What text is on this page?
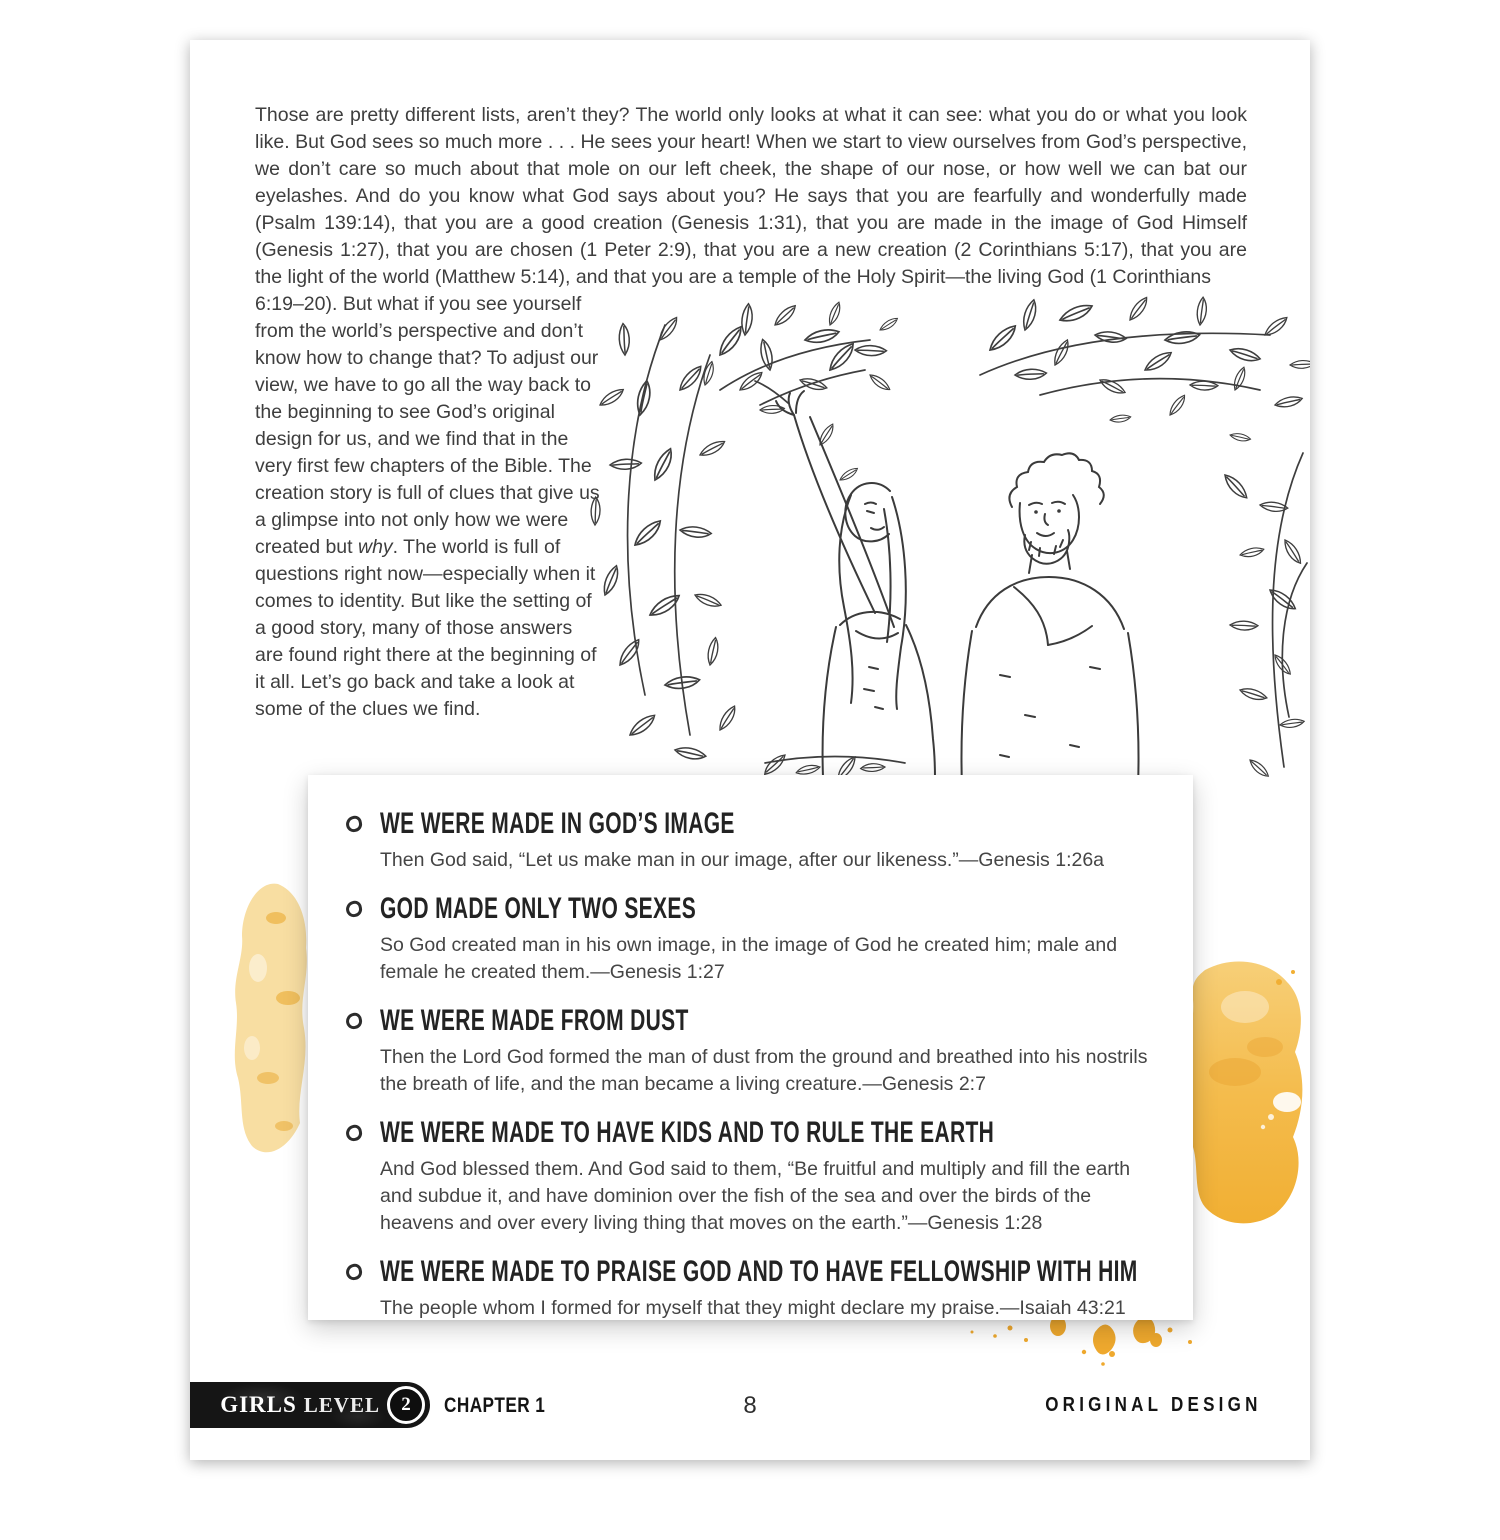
Those are pretty different lists, aren’t they? The world only looks at what it can see: what you do or what you look like. But God sees so much more . . . He sees your heart! When we start to view ourselves from God’s perspective, we don’t care so much about that mole on our left cheek, the shape of our nose, or how well we can bat our eyelashes. And do you know what God says about you? He says that you are fearfully and wonderfully made (Psalm 139:14), that you are a good creation (Genesis 1:31), that you are made in the image of God Himself (Genesis 1:27), that you are chosen (1 Peter 2:9), that you are a new creation (2 Corinthians 5:17), that you are the light of the world (Matthew 5:14), and that you are a temple of the Holy Spirit—the living God (1 Corinthians

6:19–20). But what if you see yourself from the world’s perspective and don’t know how to change that? To adjust our view, we have to go all the way back to the beginning to see God’s original design for us, and we find that in the very first few chapters of the Bible. The creation story is full of clues that give us a glimpse into not only how we were created but why. The world is full of questions right now—especially when it comes to identity. But like the setting of a good story, many of those answers are found right there at the beginning of it all. Let’s go back and take a look at some of the clues we find.

WE WERE MADE IN GOD’S IMAGE

Then God said, “Let us make man in our image, after our likeness.”—Genesis 1:26a

GOD MADE ONLY TWO SEXES

So God created man in his own image, in the image of God he created him; male and female he created them.—Genesis 1:27

WE WERE MADE FROM DUST

Then the Lord God formed the man of dust from the ground and breathed into his nostrils the breath of life, and the man became a living creature.—Genesis 2:7

WE WERE MADE TO HAVE KIDS AND TO RULE THE EARTH

And God blessed them. And God said to them, “Be fruitful and multiply and fill the earth and subdue it, and have dominion over the fish of the sea and over the birds of the heavens and over every living thing that moves on the earth.”—Genesis 1:28

WE WERE MADE TO PRAISE GOD AND TO HAVE FELLOWSHIP WITH HIM

The people whom I formed for myself that they might declare my praise.—Isaiah 43:21

GIRLS LEVEL 2 CHAPTER 1	8	ORIGINAL DESIGN
